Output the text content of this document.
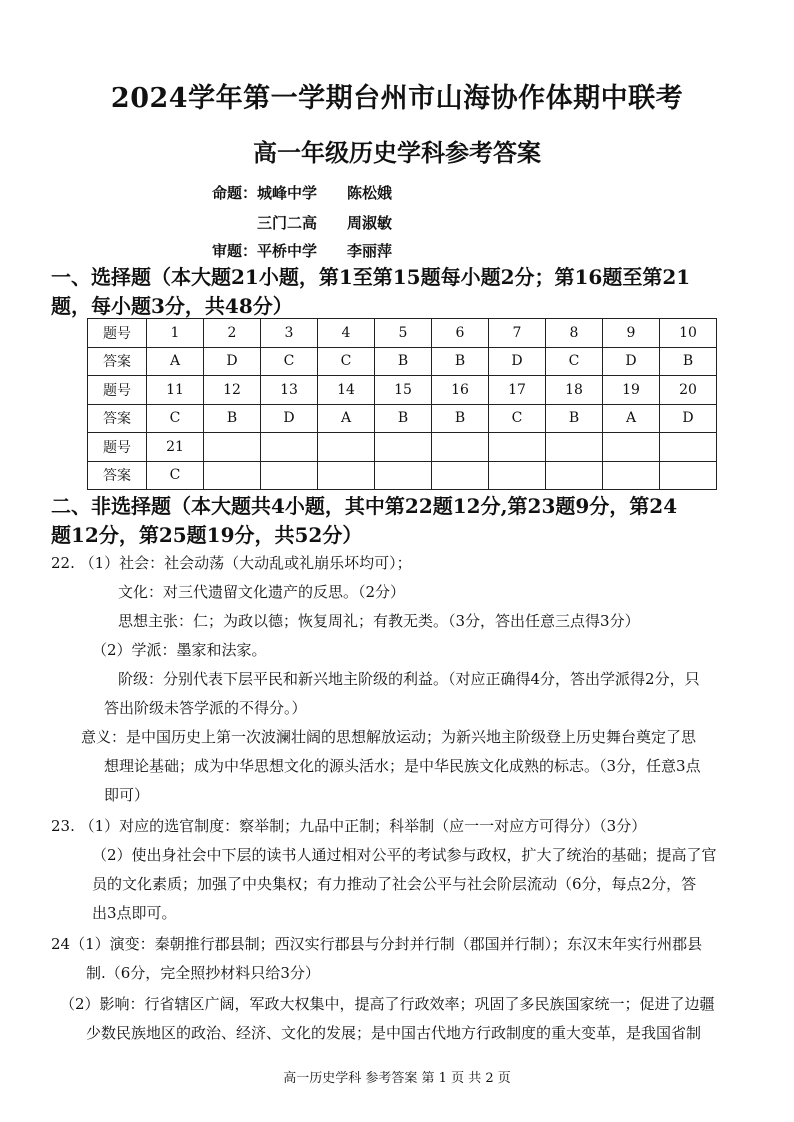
2024学年第一学期台州市山海协作体期中联考
高一年级历史学科参考答案
命题：城峰中学 陈松娥
三门二高 周淑敏
审题：平桥中学 李丽萍
一、选择题（本大题21小题，第1至第15题每小题2分；第16题至第21
题，每小题3分，共48分）
题号	1	2	3	4	5	6	7	8	9	10
答案	A	D	C	C	B	B	D	C	D	B
题号	11	12	13	14	15	16	17	18	19	20
答案	C	B	D	A	B	B	C	B	A	D
题号	21									
答案	C									
二、非选择题（本大题共4小题，其中第22题12分,第23题9分，第24
题12分，第25题19分，共52分）
22. （1）社会：社会动荡（大动乱或礼崩乐坏均可）；
文化：对三代遗留文化遗产的反思。（2分）
思想主张：仁；为政以德；恢复周礼；有教无类。（3分，答出任意三点得3分）
（2）学派：墨家和法家。
阶级：分别代表下层平民和新兴地主阶级的利益。（对应正确得4分，答出学派得2分，只
答出阶级未答学派的不得分。）
意义：是中国历史上第一次波澜壮阔的思想解放运动；为新兴地主阶级登上历史舞台奠定了思
想理论基础；成为中华思想文化的源头活水；是中华民族文化成熟的标志。（3分，任意3点
即可）
23. （1）对应的选官制度：察举制；九品中正制；科举制（应一一对应方可得分）（3分）
（2）使出身社会中下层的读书人通过相对公平的考试参与政权，扩大了统治的基础；提高了官
员的文化素质；加强了中央集权；有力推动了社会公平与社会阶层流动（6分，每点2分，答
出3点即可。
24（1）演变：秦朝推行郡县制；西汉实行郡县与分封并行制（郡国并行制）；东汉末年实行州郡县
制.（6分，完全照抄材料只给3分）
（2）影响：行省辖区广阔，军政大权集中，提高了行政效率；巩固了多民族国家统一；促进了边疆
少数民族地区的政治、经济、文化的发展；是中国古代地方行政制度的重大变革，是我国省制
高一历史学科 参考答案 第 1 页 共 2 页
